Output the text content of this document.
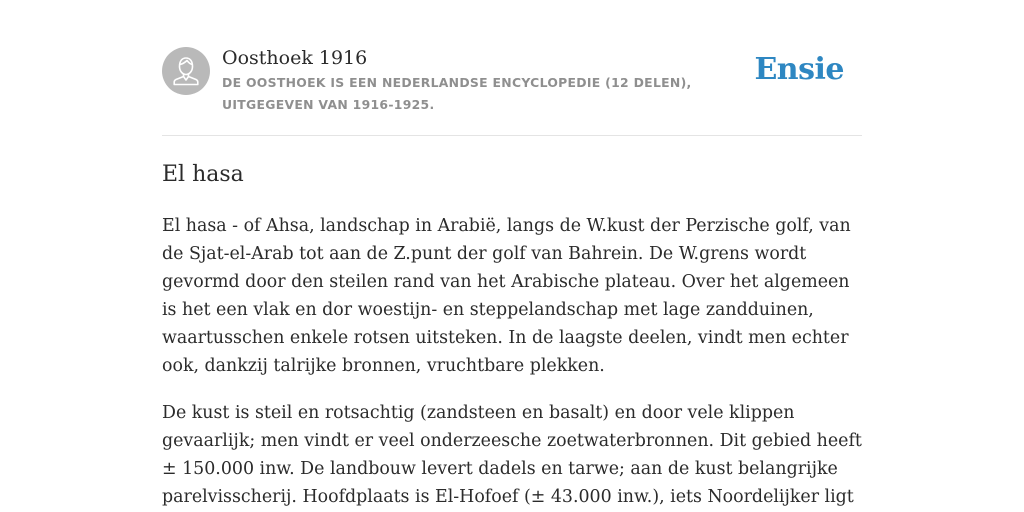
Oosthoek 1916
DE OOSTHOEK IS EEN NEDERLANDSE ENCYCLOPEDIE (12 DELEN), UITGEGEVEN VAN 1916-1925.
Ensie
El hasa

El hasa - of Ahsa, landschap in Arabië, langs de W.kust der Perzische golf, van de Sjat-el-Arab tot aan de Z.punt der golf van Bahrein. De W.grens wordt gevormd door den steilen rand van het Arabische plateau. Over het algemeen is het een vlak en dor woestijn- en steppelandschap met lage zandduinen, waartusschen enkele rotsen uitsteken. In de laagste deelen, vindt men echter ook, dankzij talrijke bronnen, vruchtbare plekken.

De kust is steil en rotsachtig (zandsteen en basalt) en door vele klippen gevaarlijk; men vindt er veel onderzeesche zoetwaterbronnen. Dit gebied heeft ± 150.000 inw. De landbouw levert dadels en tarwe; aan de kust belangrijke parelvisscherij. Hoofdplaats is El-Hofoef (± 43.000 inw.), iets Noordelijker ligt
